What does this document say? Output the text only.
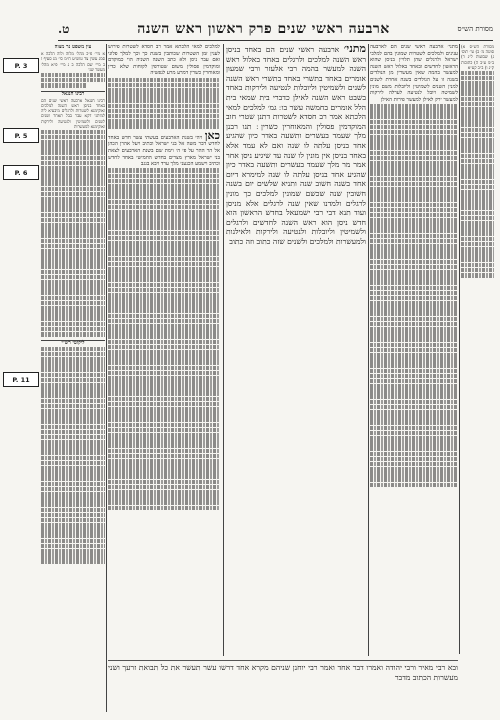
מסורת הש״ס
ארבעה ראשי שנים פרק ראשון ראש השנה
ט.
P. 3
P. 5
P. 6
P. 11
עין משפט נר מצוה
א מיי׳ פ״כ מהל׳ מלוה ולוה הלכה א סמג עשין צד טוש״ע ח״מ סי׳ מג סעיף ז ב מיי׳ שם הלכה ב ג מיי׳ פ״א מהל׳ מעשר שני
רבינו חננאל
רבינו חננאל ארבעה ראשי שנים הם באחד בניסן ראש השנה למלכים ואוקימנא לשטרות ולרגלים מיבעיא ליה למיתני דקא עבר בבל תאחר ושנים לשנים ולשמיטין ולנטיעה ולירקות ואוקימנא למעשרות
ליקוטי רש״י
למלכים למאי הלכתא אמר רב חסדא לשטרות פירוש לענין זמן השטרות שכותבין בשנת כך וכך למלך פלוני ואם עבר ניסן ולא כתב השנה השניה הוי כמוקדם ומוקדמין פסולין משום שטורפין לקוחות שלא כדין ומאוחרין כשרין דמרע מרע לנפשיה
כאן ויהי בשנת הארבעים בעשתי עשר חדש באחד לחדש דבר משה אל בני ישראל וכתיב ויעל אהרן הכהן אל הר ההר על פי ה׳ וימת שם בשנת הארבעים לצאת בני ישראל מארץ מצרים בחדש החמישי באחד לחדש וכתיב וישמע הכנעני מלך ערד ויבא בנגב
מתני׳ ארבעה ראשי שנים הם באחד בניסן ראש השנה למלכים ולרגלים באחד באלול ראש השנה למעשר בהמה רבי אלעזר ורבי שמעון אומרים באחד בתשרי באחד בתשרי ראש השנה לשנים ולשמיטין וליובלות לנטיעה ולירקות באחד בשבט ראש השנה לאילן כדברי בית שמאי בית הלל אומרים בחמשה עשר בו ׃ גמ׳ למלכים למאי הלכתא אמר רב חסדא לשטרות דתנן שטרי חוב המוקדמין פסולין והמאוחרין כשרין ׃ תנו רבנן מלך שעמד בעשרים ותשעה באדר כיון שהגיע אחד בניסן עלתה לו שנה ואם לא עמד אלא באחד בניסן אין מונין לו שנה עד שיגיע ניסן אחר אמר מר מלך שעמד בעשרים ותשעה באדר כיון שהגיע אחד בניסן עלתה לו שנה למימרא דיום אחד בשנה חשוב שנה ותניא שלשים יום בשנה חשובין שנה שכשם שמונין למלכים כך מונין לרגלים ולמדנו שאין שנה לרגלים אלא מניסן ועוד תנא דבי רבי ישמעאל בחדש הראשון הוא חדש ניסן הוא ראש השנה לחדשים ולרגלים ולשמיטין וליובלות ולנטיעה ולירקות ולאילנות ולמעשרות ולמלכים ולשנים שזה כתוב וזה כתוב
מתני׳ ארבעה ראשי שנים הם לארבעה ענינים ולמלכים לשטרות שמונין בהם למלכי ישראל ולרגלים שהן תלויין בניסן שהוא הראשון לחדשים ובאחד באלול ראש השנה למעשר בהמה שאין מעשרין מן הנולדים בשנה זו על הנולדים בשנה אחרת לשנים למנין השנים לשמיטין וליובלות משם מונין לשמיטה ויובל לנטיעה לערלה לירקות למעשר ירק לאילן למעשר פירות האילן
מסורת הש״ס א) סוטה מ׳ ב) עי׳ תוס׳ ג) שבועות ל״ג ד) ב״מ ע״ב ה) כתובות ק״ג ו) ב״ב קע״א
ובא רבי מאיר ורבי יהודה ואמרו דבר אחד ואמר רבי יוחנן שניהם מקרא אחד דרשו עשר תעשר את כל תבואת זרעך ושני מעשרות הכתוב מדבר
